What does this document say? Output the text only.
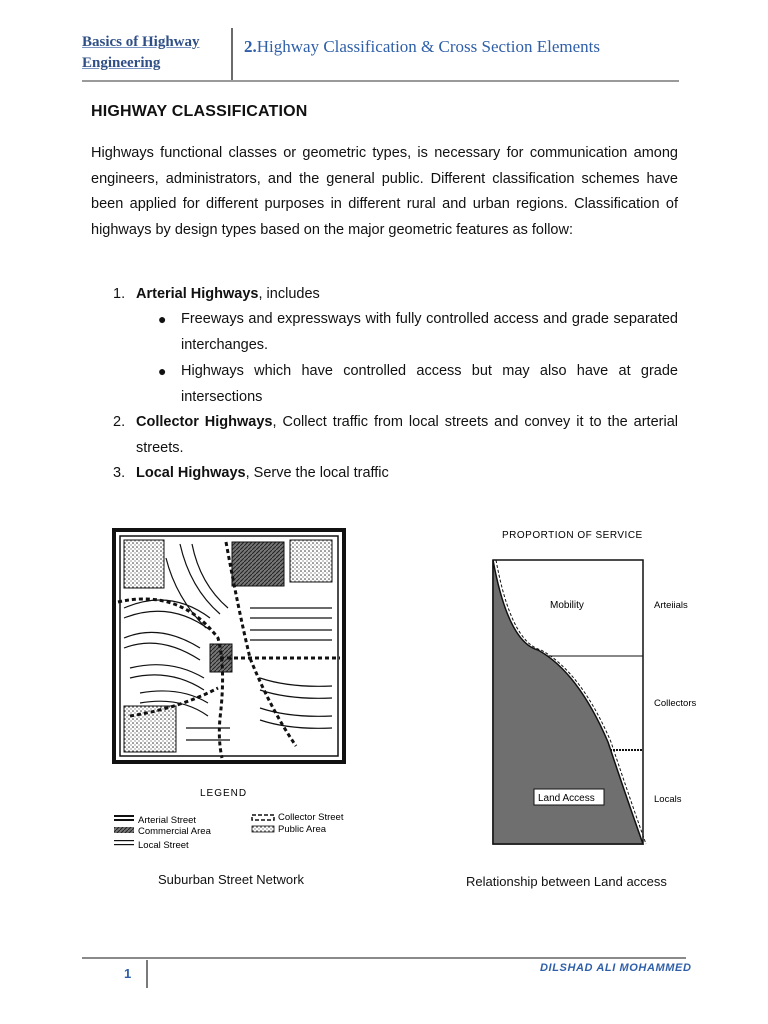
Basics of Highway
Engineering
2.Highway Classification & Cross Section Elements
HIGHWAY CLASSIFICATION

Highways functional classes or geometric types, is necessary for communication among engineers, administrators, and the general public. Different classification schemes have been applied for different purposes in different rural and urban regions. Classification of highways by design types based on the major geometric features as follow:

1. Arterial Highways, includes
● Freeways and expressways with fully controlled access and grade separated interchanges.
● Highways which have controlled access but may also have at grade intersections
2. Collector Highways, Collect traffic from local streets and convey it to the arterial streets.
3. Local Highways, Serve the local traffic
LEGEND
Arterial Street
Commercial Area
Local Street
Collector Street
Public Area
PROPORTION OF SERVICE
Mobility
Land Access
Arteiials
Collectors
Locals
Suburban Street Network	Relationship between Land access
1	DILSHAD ALI MOHAMMED
